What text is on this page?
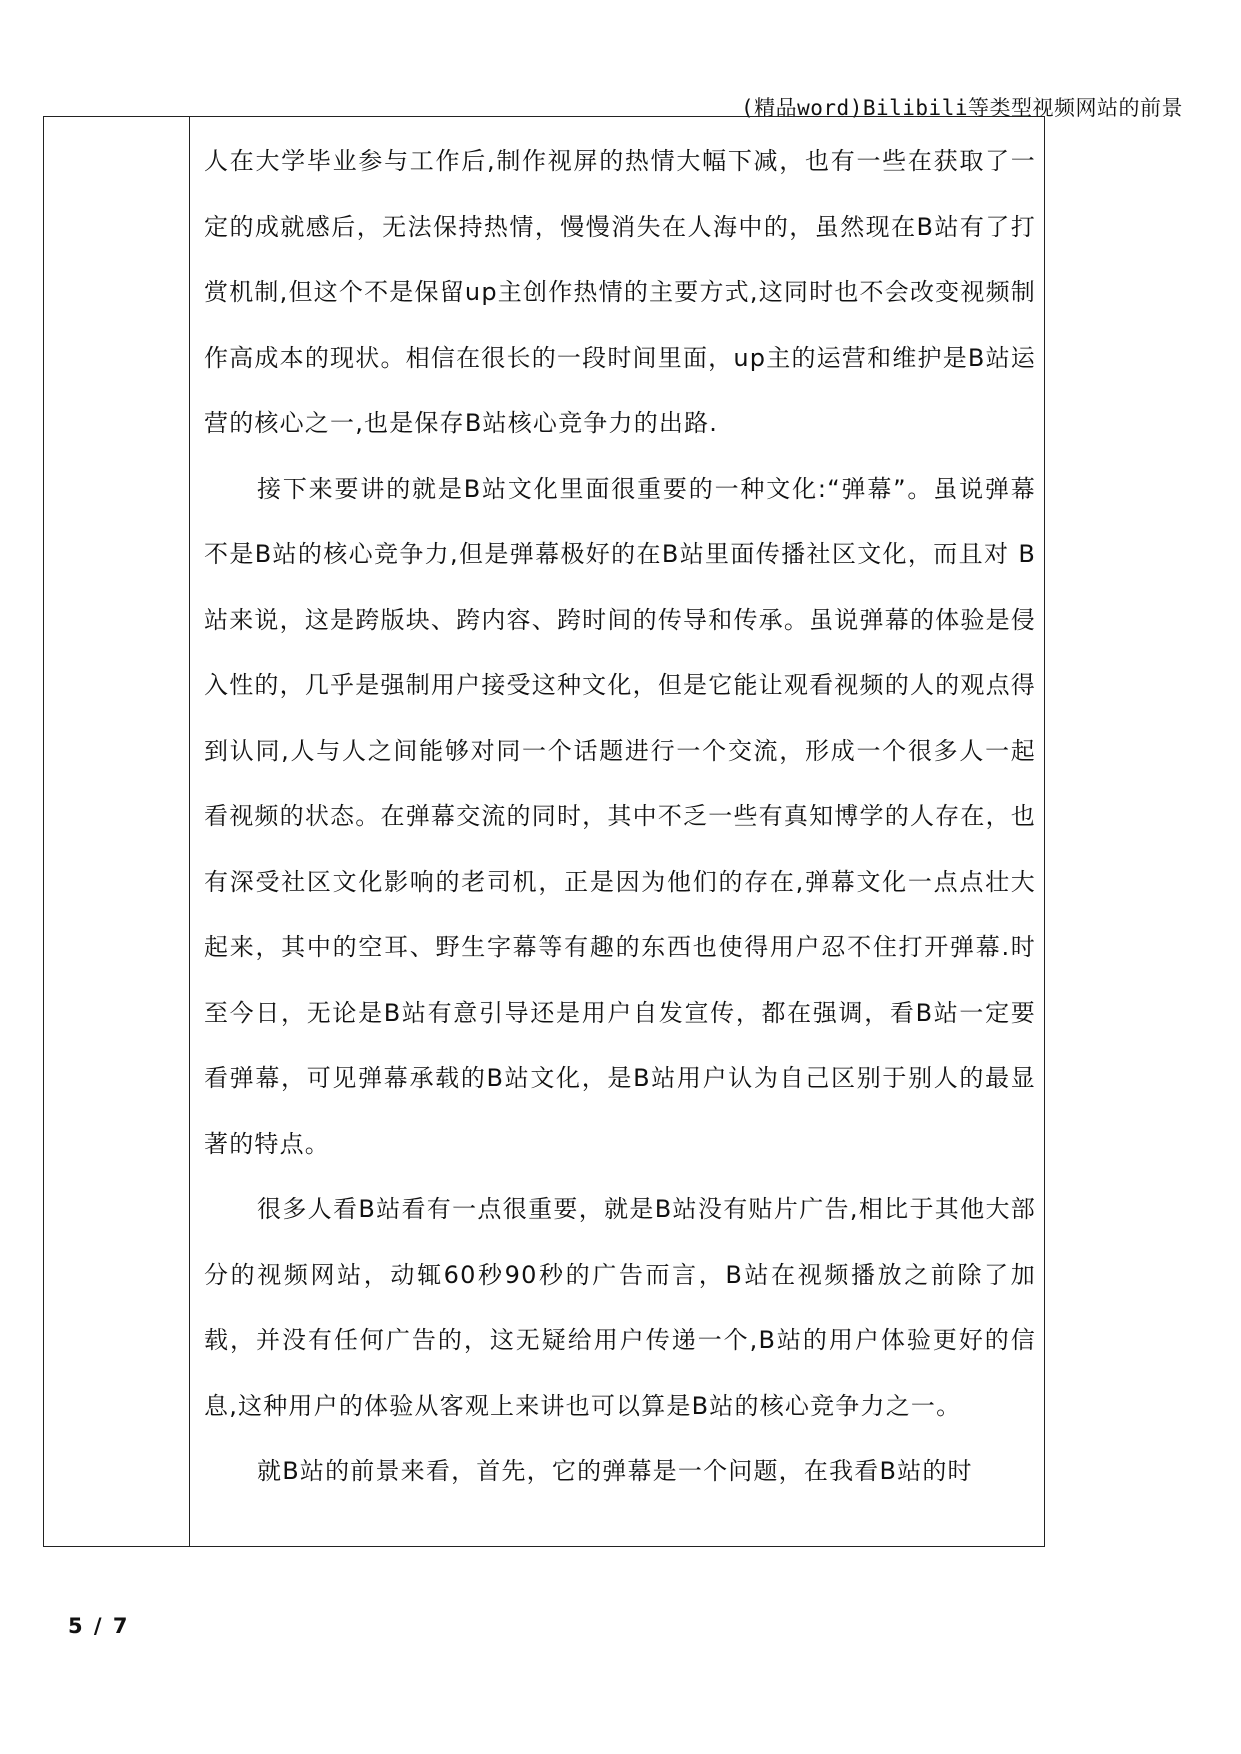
(精品word)Bilibili等类型视频网站的前景

人在大学毕业参与工作后,制作视屏的热情大幅下减，也有一些在获取了一定的成就感后，无法保持热情，慢慢消失在人海中的，虽然现在B站有了打赏机制,但这个不是保留up主创作热情的主要方式,这同时也不会改变视频制作高成本的现状。相信在很长的一段时间里面，up主的运营和维护是B站运营的核心之一,也是保存B站核心竞争力的出路.

接下来要讲的就是B站文化里面很重要的一种文化:“弹幕”。虽说弹幕不是B站的核心竞争力,但是弹幕极好的在B站里面传播社区文化，而且对 B 站来说，这是跨版块、跨内容、跨时间的传导和传承。虽说弹幕的体验是侵入性的，几乎是强制用户接受这种文化，但是它能让观看视频的人的观点得到认同,人与人之间能够对同一个话题进行一个交流，形成一个很多人一起看视频的状态。在弹幕交流的同时，其中不乏一些有真知博学的人存在，也有深受社区文化影响的老司机，正是因为他们的存在,弹幕文化一点点壮大起来，其中的空耳、野生字幕等有趣的东西也使得用户忍不住打开弹幕.时至今日，无论是B站有意引导还是用户自发宣传，都在强调，看B站一定要看弹幕，可见弹幕承载的B站文化，是B站用户认为自己区别于别人的最显著的特点。

很多人看B站看有一点很重要，就是B站没有贴片广告,相比于其他大部分的视频网站，动辄60秒90秒的广告而言，B站在视频播放之前除了加载，并没有任何广告的，这无疑给用户传递一个,B站的用户体验更好的信息,这种用户的体验从客观上来讲也可以算是B站的核心竞争力之一。

就B站的前景来看，首先，它的弹幕是一个问题，在我看B站的时

5 / 7
